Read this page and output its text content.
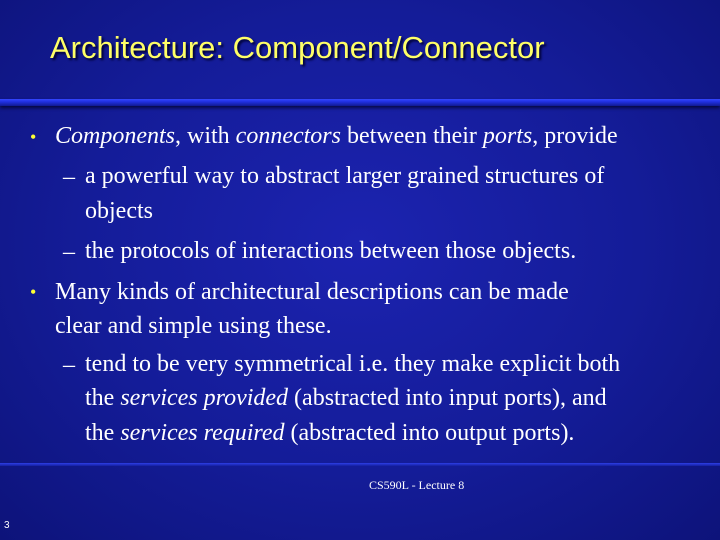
Architecture: Component/Connector
• Components, with connectors between their ports, provide
– a powerful way to abstract larger grained structures of
objects
– the protocols of interactions between those objects.
• Many kinds of architectural descriptions can be made
clear and simple using these.
– tend to be very symmetrical i.e. they make explicit both
the services provided (abstracted into input ports), and
the services required (abstracted into output ports).
CS590L - Lecture 8
3
